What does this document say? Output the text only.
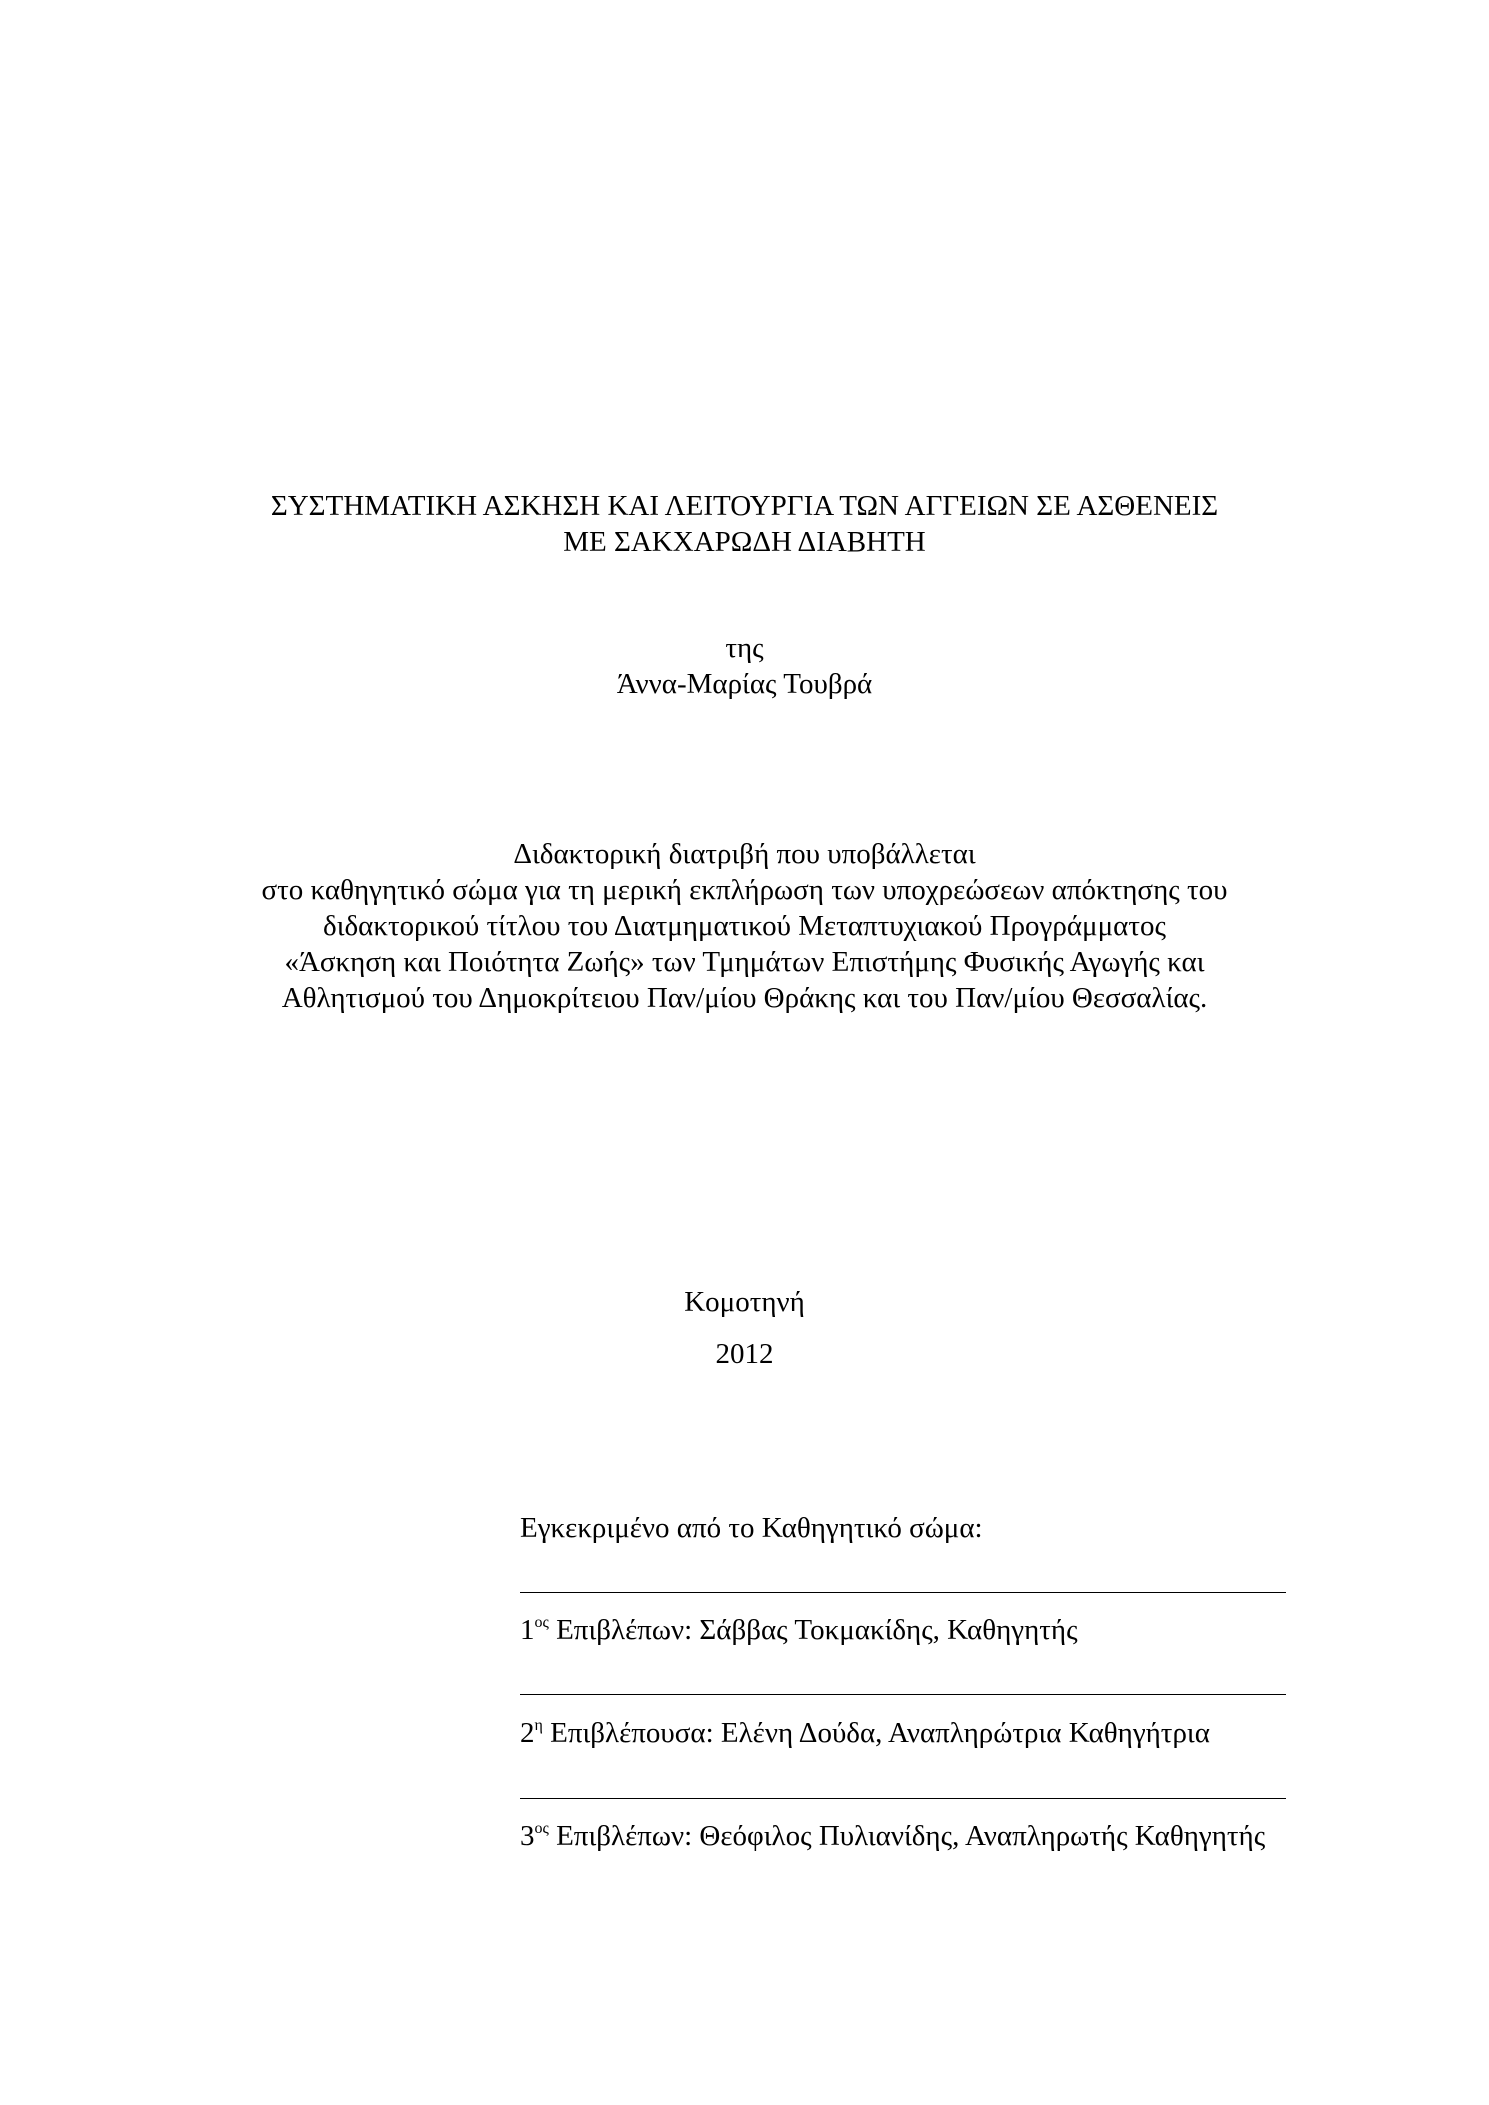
ΣΥΣΤΗΜΑΤΙΚΗ ΑΣΚΗΣΗ ΚΑΙ ΛΕΙΤΟΥΡΓΙΑ ΤΩΝ ΑΓΓΕΙΩΝ ΣΕ ΑΣΘΕΝΕΙΣ
ΜΕ ΣΑΚΧΑΡΩΔΗ ΔΙΑΒΗΤΗ
της
Άννα-Μαρίας Τουβρά
Διδακτορική διατριβή που υποβάλλεται
στο καθηγητικό σώμα για τη μερική εκπλήρωση των υποχρεώσεων απόκτησης του
διδακτορικού τίτλου του Διατμηματικού Μεταπτυχιακού Προγράμματος
«Άσκηση και Ποιότητα Ζωής» των Τμημάτων Επιστήμης Φυσικής Αγωγής και
Αθλητισμού του Δημοκρίτειου Παν/μίου Θράκης και του Παν/μίου Θεσσαλίας.
Κομοτηνή
2012
Εγκεκριμένο από το Καθηγητικό σώμα:
$1^{o\varsigma}$ Επιβλέπων: Σάββας Τοκμακίδης, Καθηγητής
$2^\eta$ Επιβλέπουσα: Ελένη Δούδα, Αναπληρώτρια Καθηγήτρια
$3^{o\varsigma}$ Επιβλέπων: Θεόφιλος Πυλιανίδης, Αναπληρωτής Καθηγητής
